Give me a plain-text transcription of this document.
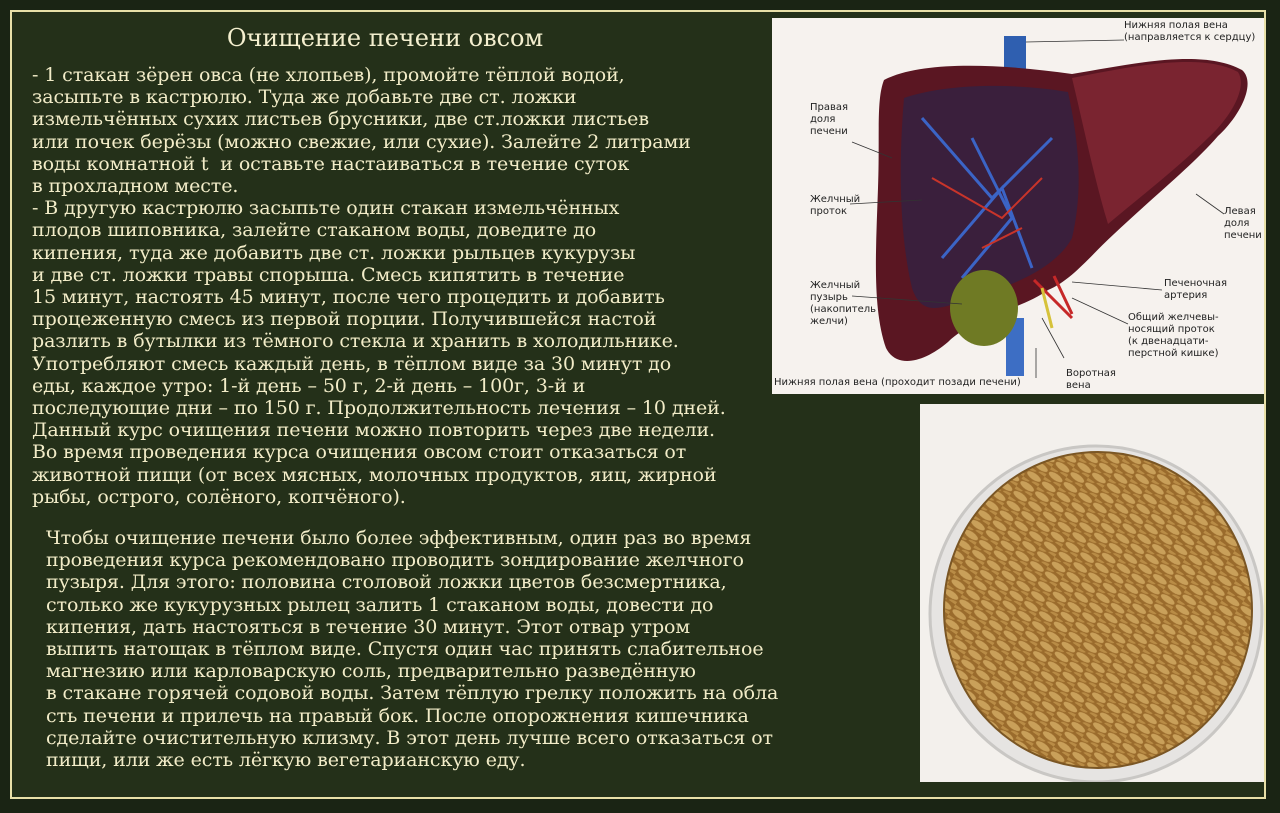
Очищение печени овсом

- 1 стакан зёрен овса (не хлопьев), промойте тёплой водой,
засыпьте в кастрюлю. Туда же добавьте две ст. ложки
измельчённых сухих листьев брусники, две ст.ложки листьев
или почек берёзы (можно свежие, или сухие). Залейте 2 литрами
воды комнатной t  и оставьте настаиваться в течение суток
в прохладном месте.
- В другую кастрюлю засыпьте один стакан измельчённых
плодов шиповника, залейте стаканом воды, доведите до
кипения, туда же добавить две ст. ложки рыльцев кукурузы
и две ст. ложки травы спорыша. Смесь кипятить в течение
15 минут, настоять 45 минут, после чего процедить и добавить
процеженную смесь из первой порции. Получившейся настой
разлить в бутылки из тёмного стекла и хранить в холодильнике.
Употребляют смесь каждый день, в тёплом виде за 30 минут до
еды, каждое утро: 1-й день – 50 г, 2-й день – 100г, 3-й и
последующие дни – по 150 г. Продолжительность лечения – 10 дней.
Данный курс очищения печени можно повторить через две недели.
Во время проведения курса очищения овсом стоит отказаться от
животной пищи (от всех мясных, молочных продуктов, яиц, жирной
рыбы, острого, солёного, копчёного).

Чтобы очищение печени было более эффективным, один раз во время
проведения курса рекомендовано проводить зондирование желчного
пузыря. Для этого: половина столовой ложки цветов безсмертника,
столько же кукурузных рылец залить 1 стаканом воды, довести до
кипения, дать настояться в течение 30 минут. Этот отвар утром
выпить натощак в тёплом виде. Спустя один час принять слабительное
магнезию или карловарскую соль, предварительно разведённую
в стакане горячей содовой воды. Затем тёплую грелку положить на обла
сть печени и прилечь на правый бок. После опорожнения кишечника
сделайте очистительную клизму. В этот день лучше всего отказаться от
пищи, или же есть лёгкую вегетарианскую еду.

Нижняя полая вена
(направляется к сердцу)
Правая
доля
печени
Желчный
проток	Левая
доля
печени
Желчный
пузырь
(накопитель
желчи)
Печеночная
артерия
Общий желчевы-
носящий проток
(к двенадцати-
перстной кишке)
Воротная
вена
Нижняя полая вена (проходит позади печени)
